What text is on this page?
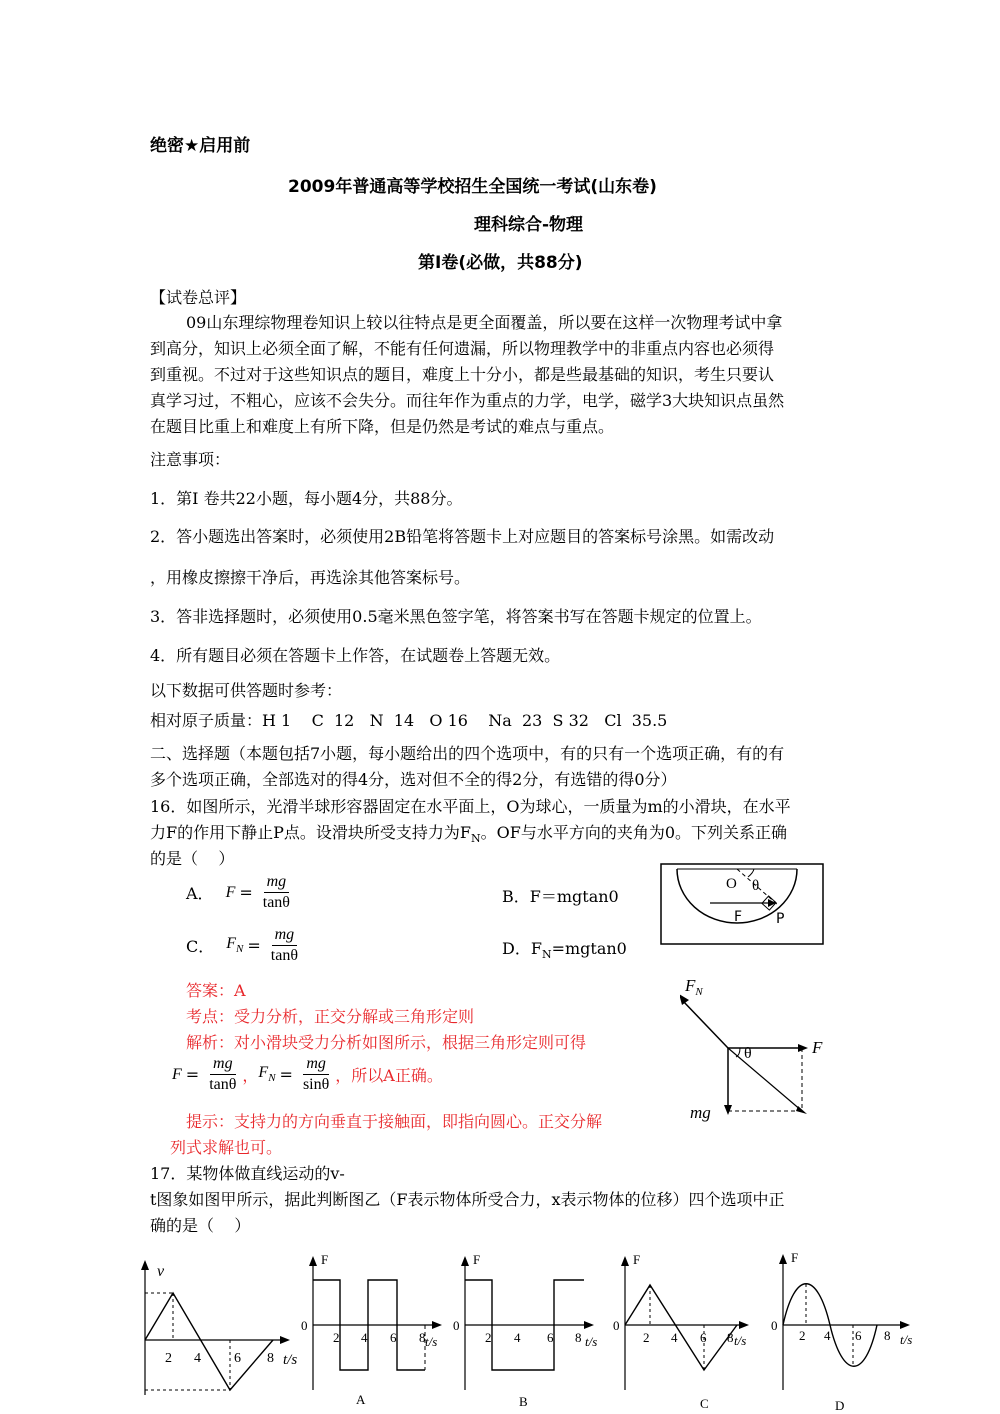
绝密★启用前
2009年普通高等学校招生全国统一考试(山东卷)
理科综合-物理
第Ⅰ卷(必做，共88分)
【试卷总评】
09山东理综物理卷知识上较以往特点是更全面覆盖，所以要在这样一次物理考试中拿
到高分，知识上必须全面了解，不能有任何遗漏，所以物理教学中的非重点内容也必须得
到重视。不过对于这些知识点的题目，难度上十分小，都是些最基础的知识，考生只要认
真学习过，不粗心，应该不会失分。而往年作为重点的力学，电学，磁学3大块知识点虽然
在题目比重上和难度上有所下降，但是仍然是考试的难点与重点。
注意事项：
1．第I 卷共22小题，每小题4分，共88分。
2．答小题选出答案时，必须使用2B铅笔将答题卡上对应题目的答案标号涂黑。如需改动
，用橡皮擦擦干净后，再选涂其他答案标号。
3．答非选择题时，必须使用0.5毫米黑色签字笔，将答案书写在答题卡规定的位置上。
4．所有题目必须在答题卡上作答，在试题卷上答题无效。
以下数据可供答题时参考：
相对原子质量：H 1    C  12   N  14   O 16    Na  23  S 32   Cl  35.5
二、选择题（本题包括7小题，每小题给出的四个选项中，有的只有一个选项正确，有的有
多个选项正确，全部选对的得4分，选对但不全的得2分，有选错的得0分）
16．如图所示，光滑半球形容器固定在水平面上，O为球心，一质量为m的小滑块，在水平
力F的作用下静止P点。设滑块所受支持力为$F_N$。OF与水平方向的夹角为0。下列关系正确
的是（    ）
A． $F = \frac{mg}{\tan\theta}$	B．F＝mgtan0
C． $F_N = \frac{mg}{\tan\theta}$	D．$F_N=mgtan0$
答案：A
考点：受力分析，正交分解或三角形定则
解析：对小滑块受力分析如图所示，根据三角形定则可得
$F = \frac{mg}{\tan\theta}$ ， $F_N = \frac{mg}{\sin\theta}$ ，所以A正确。
提示：支持力的方向垂直于接触面，即指向圆心。正交分解
列式求解也可。
O θ
F P
$F_N$
F
θ
mg
17．某物体做直线运动的v-
t图象如图甲所示，据此判断图乙（F表示物体所受合力，x表示物体的位移）四个选项中正
确的是（    ）
v
2 4 6 8 t/s
F
0
2 4 6 8 t/s
A
F
0
2 4 6 8 t/s
B
F
0
2 4 6 8 t/s
C
F
0
2 4 6 8 t/s
D
